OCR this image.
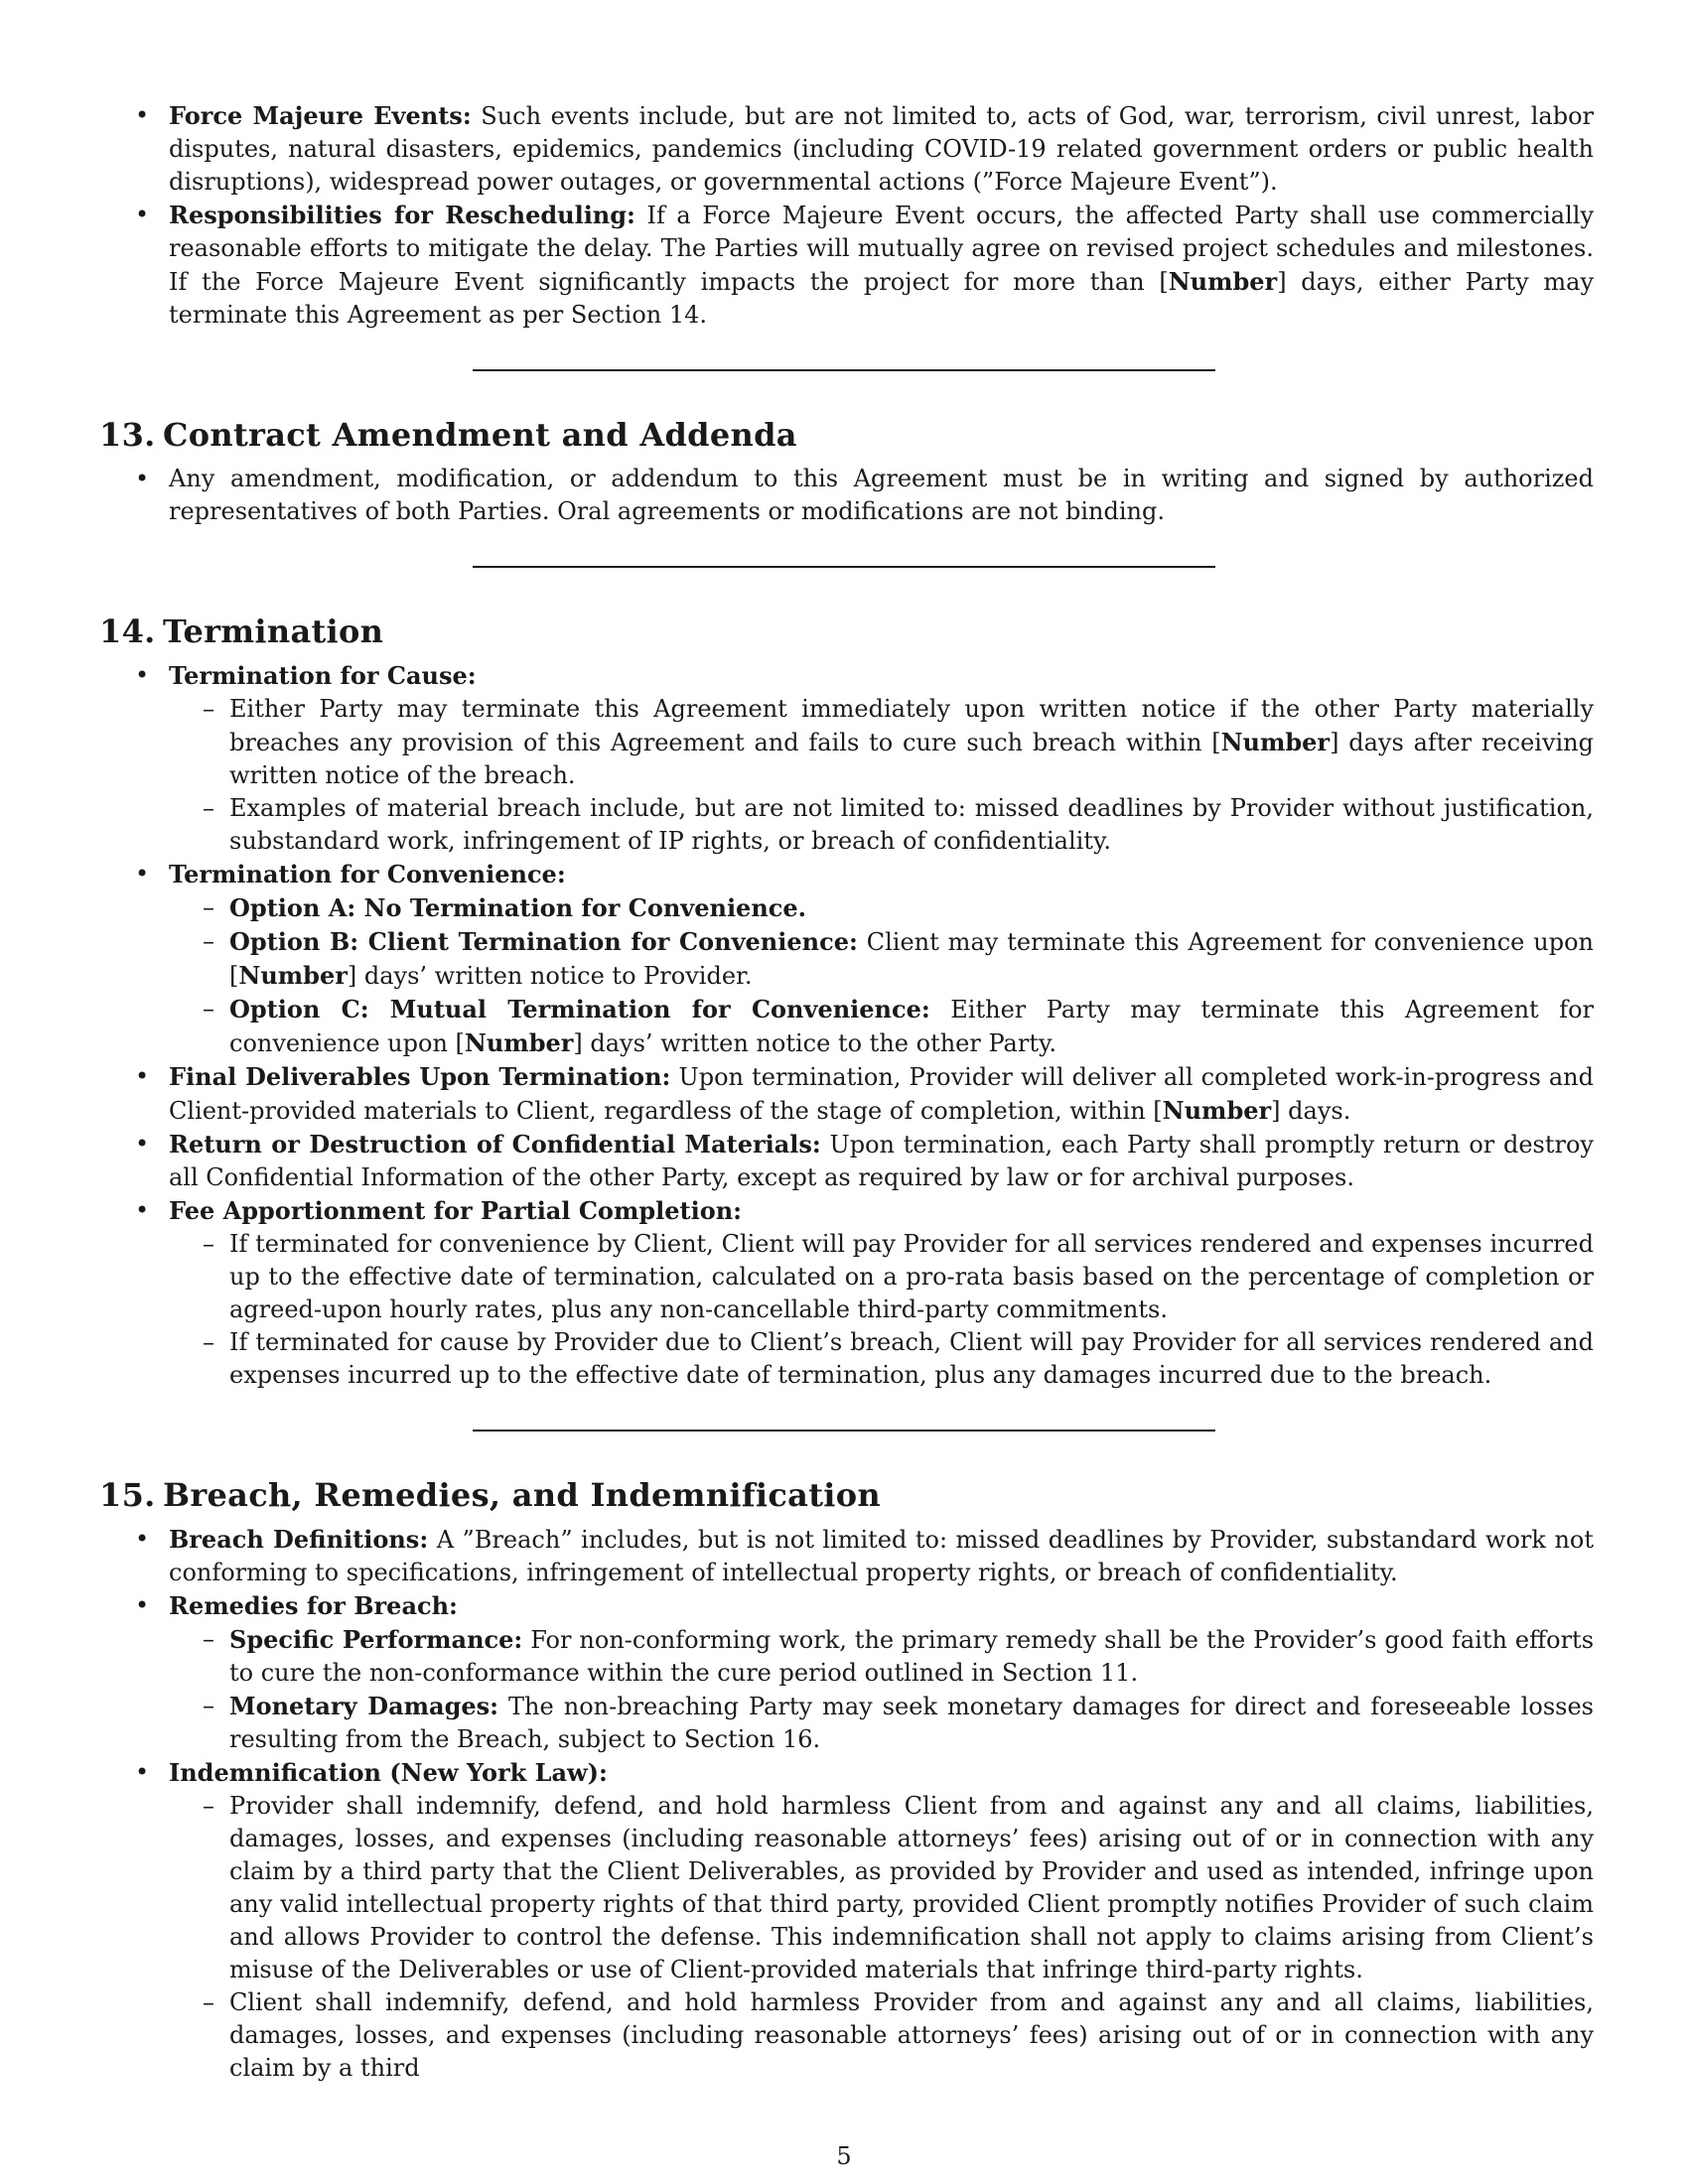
• Force Majeure Events: Such events include, but are not limited to, acts of God, war, terrorism, civil unrest, labor disputes, natural disasters, epidemics, pandemics (including COVID-19 related government orders or public health disruptions), widespread power outages, or governmental actions (”Force Majeure Event”).
• Responsibilities for Rescheduling: If a Force Majeure Event occurs, the affected Party shall use commercially reasonable efforts to mitigate the delay. The Parties will mutually agree on revised project schedules and milestones. If the Force Majeure Event significantly impacts the project for more than [Number] days, either Party may terminate this Agreement as per Section 14.
13. Contract Amendment and Addenda
• Any amendment, modification, or addendum to this Agreement must be in writing and signed by authorized representatives of both Parties. Oral agreements or modifications are not binding.
14. Termination
• Termination for Cause:
– Either Party may terminate this Agreement immediately upon written notice if the other Party materially breaches any provision of this Agreement and fails to cure such breach within [Number] days after receiving written notice of the breach.
– Examples of material breach include, but are not limited to: missed deadlines by Provider without justification, substandard work, infringement of IP rights, or breach of confidentiality.
• Termination for Convenience:
– Option A: No Termination for Convenience.
– Option B: Client Termination for Convenience: Client may terminate this Agreement for convenience upon [Number] days’ written notice to Provider.
– Option C: Mutual Termination for Convenience: Either Party may terminate this Agreement for convenience upon [Number] days’ written notice to the other Party.
• Final Deliverables Upon Termination: Upon termination, Provider will deliver all completed work-in-progress and Client-provided materials to Client, regardless of the stage of completion, within [Number] days.
• Return or Destruction of Confidential Materials: Upon termination, each Party shall promptly return or destroy all Confidential Information of the other Party, except as required by law or for archival purposes.
• Fee Apportionment for Partial Completion:
– If terminated for convenience by Client, Client will pay Provider for all services rendered and expenses incurred up to the effective date of termination, calculated on a pro-rata basis based on the percentage of completion or agreed-upon hourly rates, plus any non-cancellable third-party commitments.
– If terminated for cause by Provider due to Client’s breach, Client will pay Provider for all services rendered and expenses incurred up to the effective date of termination, plus any damages incurred due to the breach.
15. Breach, Remedies, and Indemnification
• Breach Definitions: A ”Breach” includes, but is not limited to: missed deadlines by Provider, substandard work not conforming to specifications, infringement of intellectual property rights, or breach of confidentiality.
• Remedies for Breach:
– Specific Performance: For non-conforming work, the primary remedy shall be the Provider’s good faith efforts to cure the non-conformance within the cure period outlined in Section 11.
– Monetary Damages: The non-breaching Party may seek monetary damages for direct and foreseeable losses resulting from the Breach, subject to Section 16.
• Indemnification (New York Law):
– Provider shall indemnify, defend, and hold harmless Client from and against any and all claims, liabilities, damages, losses, and expenses (including reasonable attorneys’ fees) arising out of or in connection with any claim by a third party that the Client Deliverables, as provided by Provider and used as intended, infringe upon any valid intellectual property rights of that third party, provided Client promptly notifies Provider of such claim and allows Provider to control the defense. This indemnification shall not apply to claims arising from Client’s misuse of the Deliverables or use of Client-provided materials that infringe third-party rights.
– Client shall indemnify, defend, and hold harmless Provider from and against any and all claims, liabilities, damages, losses, and expenses (including reasonable attorneys’ fees) arising out of or in connection with any claim by a third
5
